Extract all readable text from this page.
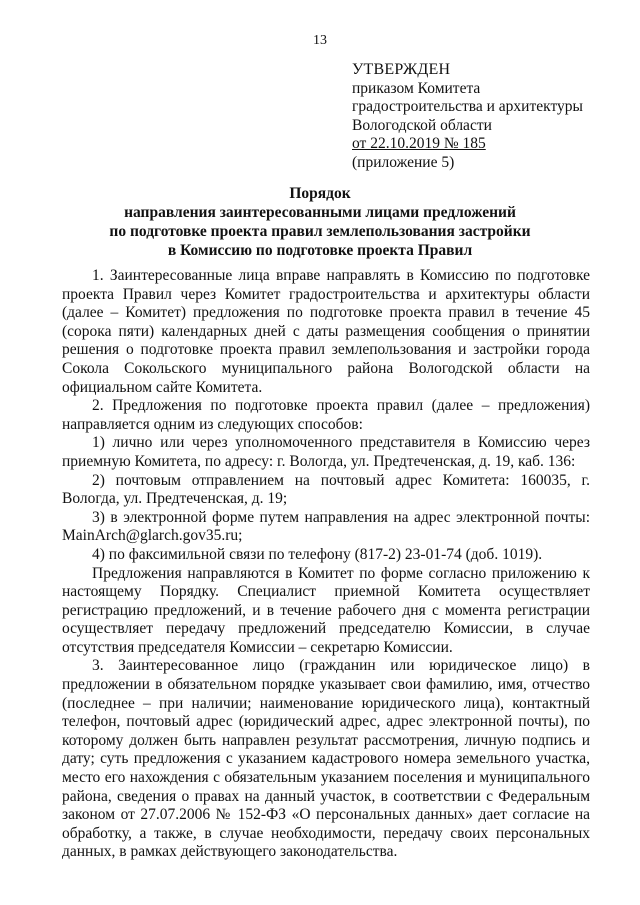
13
УТВЕРЖДЕН
приказом Комитета
градостроительства и архитектуры
Вологодской области
от 22.10.2019 № 185
(приложение 5)
Порядок
направления заинтересованными лицами предложений
по подготовке проекта правил землепользования застройки
в Комиссию по подготовке проекта Правил

1. Заинтересованные лица вправе направлять в Комиссию по подготовке проекта Правил через Комитет градостроительства и архитектуры области (далее – Комитет) предложения по подготовке проекта правил в течение 45 (сорока пяти) календарных дней с даты размещения сообщения о принятии решения о подготовке проекта правил землепользования и застройки города Сокола Сокольского муниципального района Вологодской области на официальном сайте Комитета.

2. Предложения по подготовке проекта правил (далее – предложения) направляется одним из следующих способов:

1) лично или через уполномоченного представителя в Комиссию через приемную Комитета, по адресу: г. Вологда, ул. Предтеченская, д. 19, каб. 136:

2) почтовым отправлением на почтовый адрес Комитета: 160035, г. Вологда, ул. Предтеченская, д. 19;

3) в электронной форме путем направления на адрес электронной почты: MainArch@glarch.gov35.ru;

4) по факсимильной связи по телефону (817-2) 23-01-74 (доб. 1019).

Предложения направляются в Комитет по форме согласно приложению к настоящему Порядку. Специалист приемной Комитета осуществляет регистрацию предложений, и в течение рабочего дня с момента регистрации осуществляет передачу предложений председателю Комиссии, в случае отсутствия председателя Комиссии – секретарю Комиссии.

3. Заинтересованное лицо (гражданин или юридическое лицо) в предложении в обязательном порядке указывает свои фамилию, имя, отчество (последнее – при наличии; наименование юридического лица), контактный телефон, почтовый адрес (юридический адрес, адрес электронной почты), по которому должен быть направлен результат рассмотрения, личную подпись и дату; суть предложения с указанием кадастрового номера земельного участка, место его нахождения с обязательным указанием поселения и муниципального района, сведения о правах на данный участок, в соответствии с Федеральным законом от 27.07.2006 № 152-ФЗ «О персональных данных» дает согласие на обработку, а также, в случае необходимости, передачу своих персональных данных, в рамках действующего законодательства.
